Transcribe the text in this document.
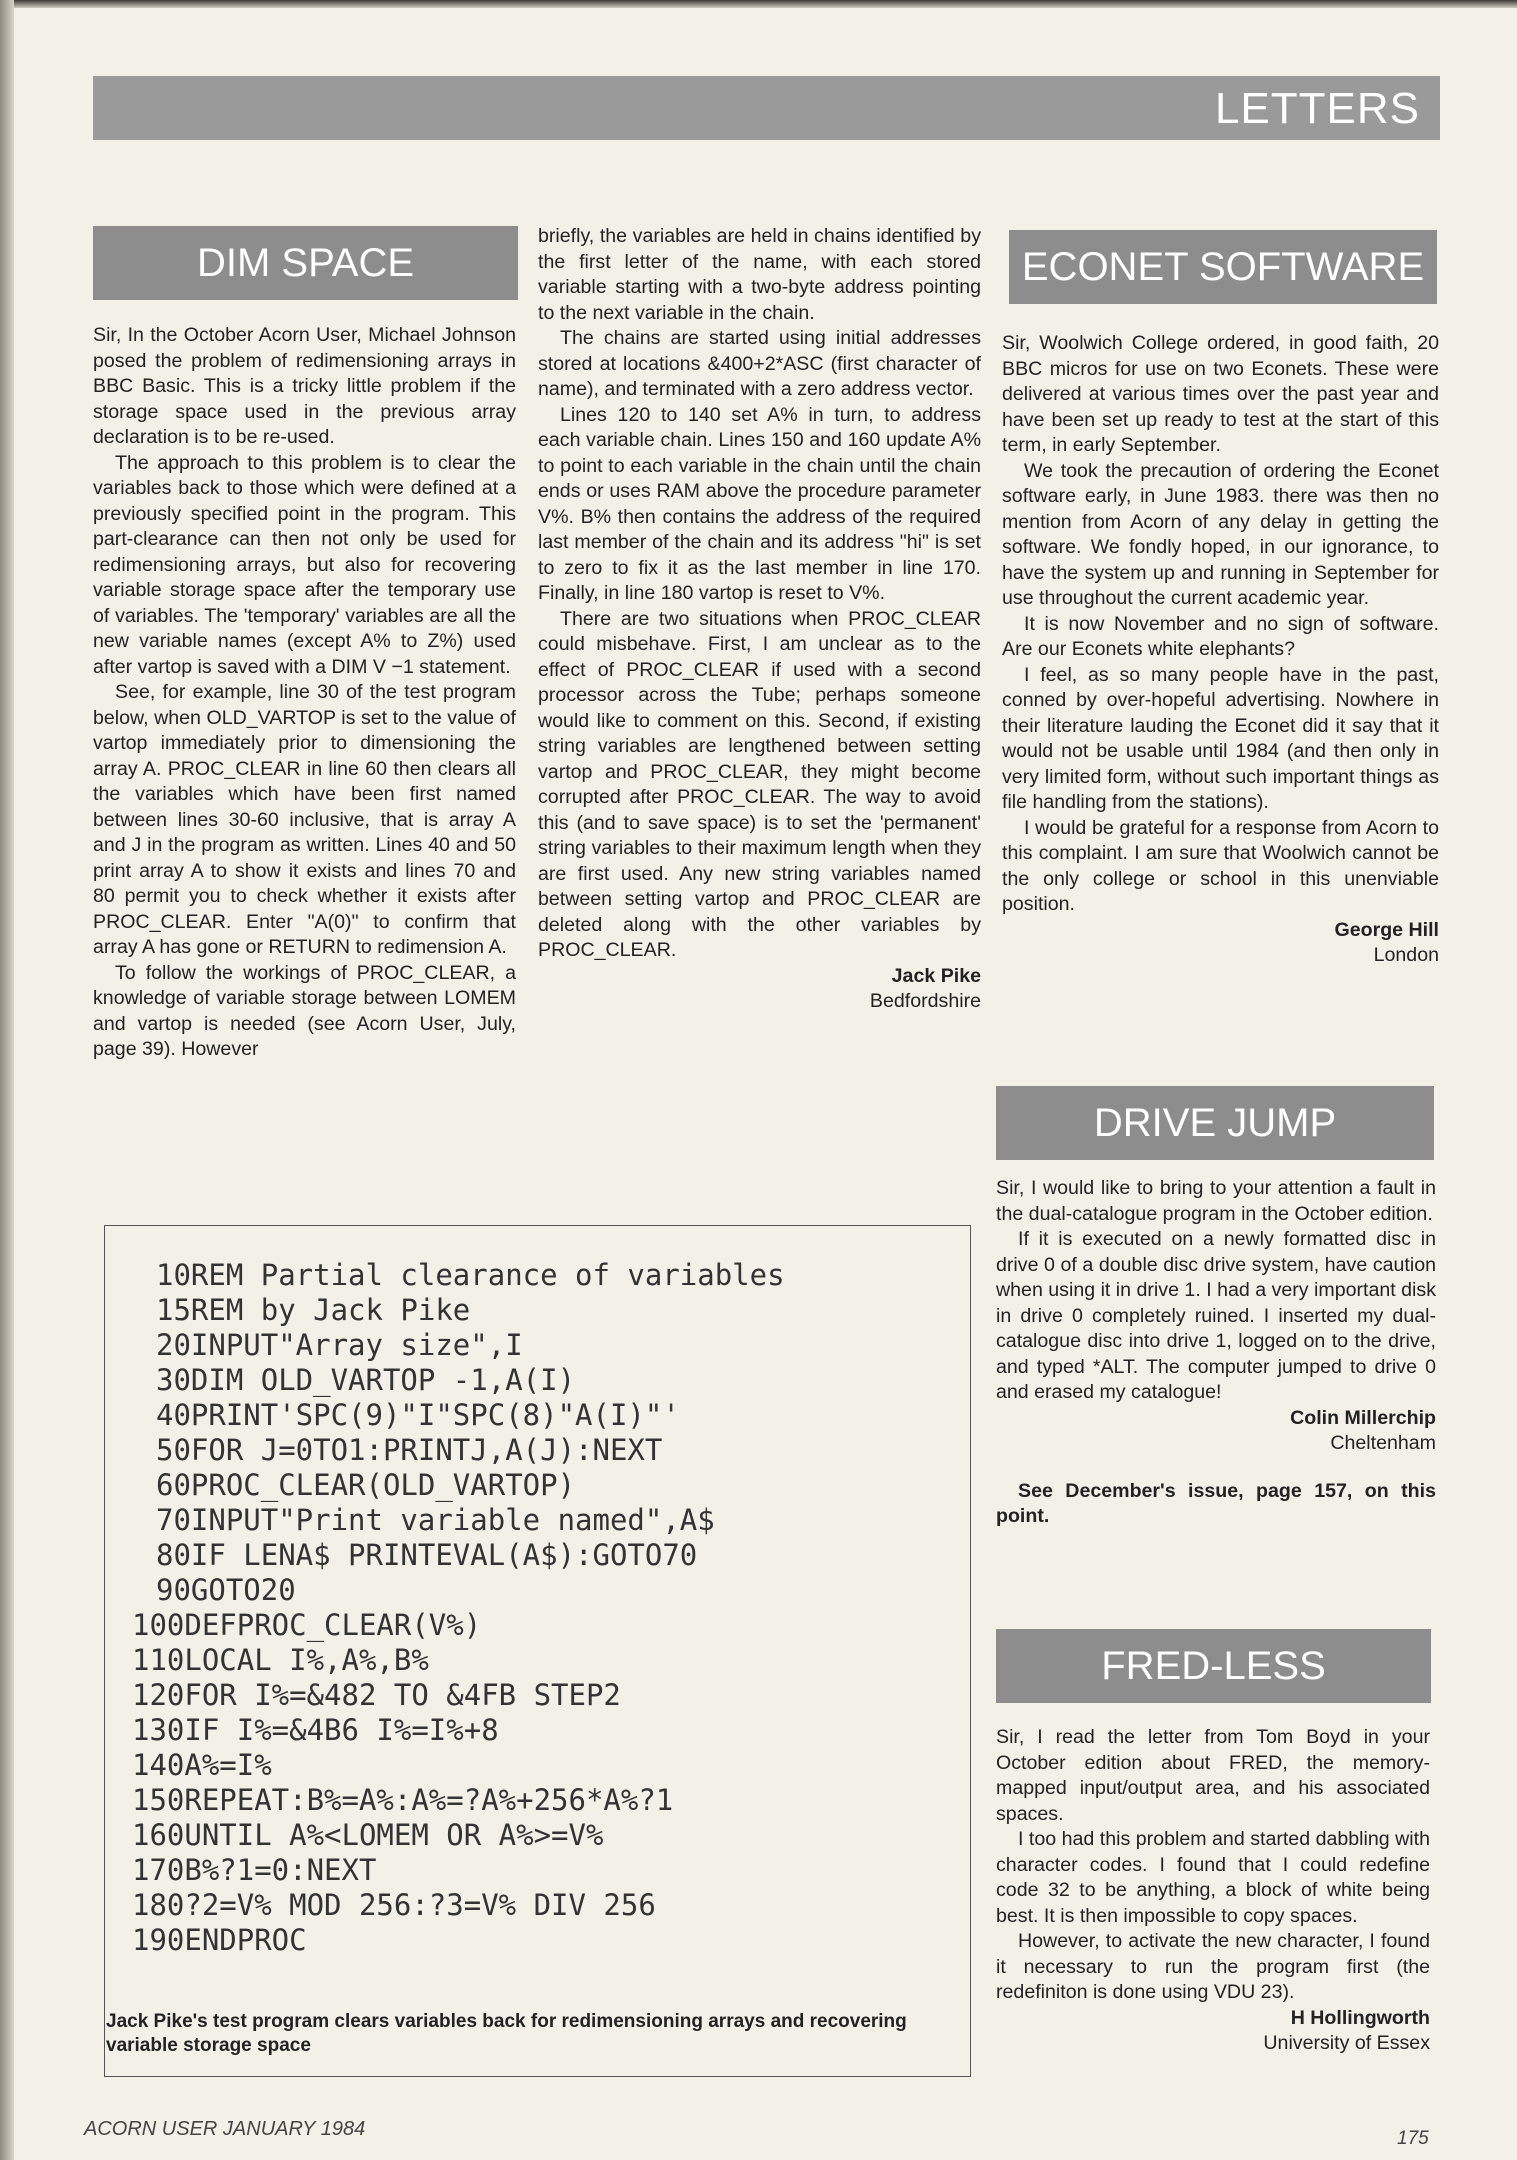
LETTERS
DIM SPACE

Sir, In the October Acorn User, Michael Johnson posed the problem of redimensioning arrays in BBC Basic. This is a tricky little problem if the storage space used in the previous array declaration is to be re-used.

The approach to this problem is to clear the variables back to those which were defined at a previously specified point in the program. This part-clearance can then not only be used for redimensioning arrays, but also for recovering variable storage space after the temporary use of variables. The 'temporary' variables are all the new variable names (except A% to Z%) used after vartop is saved with a DIM V −1 statement.

See, for example, line 30 of the test program below, when OLD_VARTOP is set to the value of vartop immediately prior to dimensioning the array A. PROC_CLEAR in line 60 then clears all the variables which have been first named between lines 30-60 inclusive, that is array A and J in the program as written. Lines 40 and 50 print array A to show it exists and lines 70 and 80 permit you to check whether it exists after PROC_CLEAR. Enter "A(0)" to confirm that array A has gone or RETURN to redimension A.

To follow the workings of PROC_CLEAR, a knowledge of variable storage between LOMEM and vartop is needed (see Acorn User, July, page 39). However

briefly, the variables are held in chains identified by the first letter of the name, with each stored variable starting with a two-byte address pointing to the next variable in the chain.

The chains are started using initial addresses stored at locations &400+2*ASC (first character of name), and terminated with a zero address vector.

Lines 120 to 140 set A% in turn, to address each variable chain. Lines 150 and 160 update A% to point to each variable in the chain until the chain ends or uses RAM above the procedure parameter V%. B% then contains the address of the required last member of the chain and its address "hi" is set to zero to fix it as the last member in line 170. Finally, in line 180 vartop is reset to V%.

There are two situations when PROC_CLEAR could misbehave. First, I am unclear as to the effect of PROC_CLEAR if used with a second processor across the Tube; perhaps someone would like to comment on this. Second, if existing string variables are lengthened between setting vartop and PROC_CLEAR, they might become corrupted after PROC_CLEAR. The way to avoid this (and to save space) is to set the 'permanent' string variables to their maximum length when they are first used. Any new string variables named between setting vartop and PROC_CLEAR are deleted along with the other variables by PROC_CLEAR.

Jack Pike

Bedfordshire

ECONET SOFTWARE

Sir, Woolwich College ordered, in good faith, 20 BBC micros for use on two Econets. These were delivered at various times over the past year and have been set up ready to test at the start of this term, in early September.

We took the precaution of ordering the Econet software early, in June 1983. there was then no mention from Acorn of any delay in getting the software. We fondly hoped, in our ignorance, to have the system up and running in September for use throughout the current academic year.

It is now November and no sign of software. Are our Econets white elephants?

I feel, as so many people have in the past, conned by over-hopeful advertising. Nowhere in their literature lauding the Econet did it say that it would not be usable until 1984 (and then only in very limited form, without such important things as file handling from the stations).

I would be grateful for a response from Acorn to this complaint. I am sure that Woolwich cannot be the only college or school in this unenviable position.

George Hill

London

DRIVE JUMP

Sir, I would like to bring to your attention a fault in the dual-catalogue program in the October edition.

If it is executed on a newly formatted disc in drive 0 of a double disc drive system, have caution when using it in drive 1. I had a very important disk in drive 0 completely ruined. I inserted my dual-catalogue disc into drive 1, logged on to the drive, and typed *ALT. The computer jumped to drive 0 and erased my catalogue!

Colin Millerchip

Cheltenham

See December's issue, page 157, on this point.

FRED-LESS

Sir, I read the letter from Tom Boyd in your October edition about FRED, the memory-mapped input/output area, and his associated spaces.

I too had this problem and started dabbling with character codes. I found that I could redefine code 32 to be anything, a block of white being best. It is then impossible to copy spaces.

However, to activate the new character, I found it necessary to run the program first (the redefiniton is done using VDU 23).

H Hollingworth

University of Essex

10REM Partial clearance of variables
15REM by Jack Pike
20INPUT"Array size",I
30DIM OLD_VARTOP -1,A(I)
40PRINT'SPC(9)"I"SPC(8)"A(I)"'
50FOR J=0TO1:PRINTJ,A(J):NEXT
60PROC_CLEAR(OLD_VARTOP)
70INPUT"Print variable named",A$
80IF LENA$ PRINTEVAL(A$):GOTO70
90GOTO20
100DEFPROC_CLEAR(V%)
110LOCAL I%,A%,B%
120FOR I%=&482 TO &4FB STEP2
130IF I%=&4B6 I%=I%+8
140A%=I%
150REPEAT:B%=A%:A%=?A%+256*A%?1
160UNTIL A%<LOMEM OR A%>=V%
170B%?1=0:NEXT
180?2=V% MOD 256:?3=V% DIV 256
190ENDPROC
Jack Pike's test program clears variables back for redimensioning arrays and recovering variable storage space
ACORN USER JANUARY 1984	175
